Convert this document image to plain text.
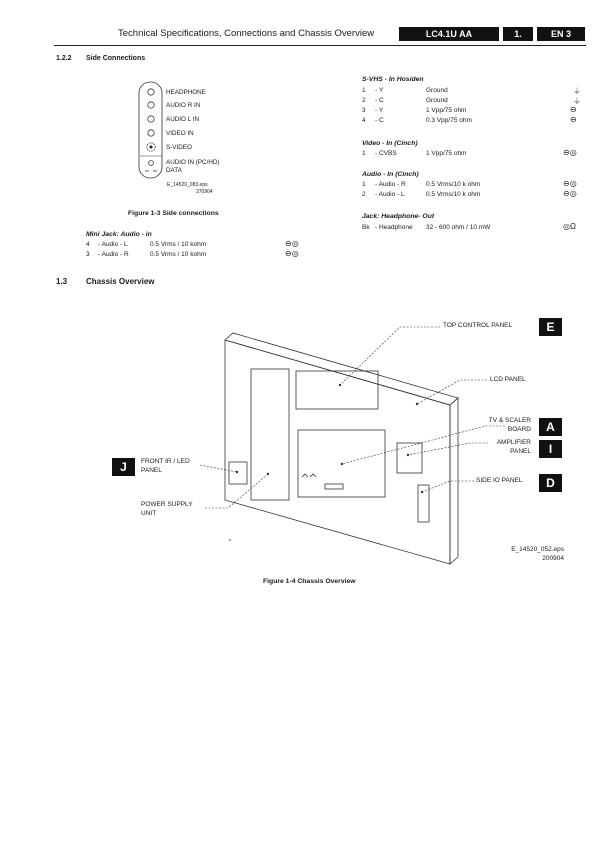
Technical Specifications, Connections and Chassis Overview	LC4.1U AA	1.	EN 3
1.2.2 Side Connections
HEADPHONE
AUDIO R IN
AUDIO L IN
VIDEO IN
S-VIDEO
AUDIO IN (PC/HD)
DATA
E_14520_083.eps
270904
Figure 1-3 Side connections
Mini Jack: Audio - in
4 - Audio - L	0.5 Vrms / 10 kohm	⊖◎
3 - Audio - R	0.5 Vrms / 10 kohm	⊖◎
S-VHS - In Hosiden
1 - Y	Ground	⏚
2 - C	Ground	⏚
3 - Y	1 Vpp/75 ohm	⊖
4 - C	0.3 Vpp/75 ohm	⊖
Video - In (Cinch)
1 - CVBS	1 Vpp/75 ohm	⊖◎
Audio - In (Cinch)
1 - Audio - R	0.5 Vrms/10 k ohm	⊖◎
2 - Audio - L	0.5 Vrms/10 k ohm	⊖◎
Jack: Headphone- Out
Bk - Headphone 32 - 600 ohm / 10 mW	◎Ω
1.3 Chassis Overview
TOP CONTROL PANEL	E
LCD PANEL
TV & SCALER
BOARD	A
AMPLIFIER
PANEL	I
SIDE IO PANEL	D
J	FRONT IR / LED
PANEL
POWER SUPPLY
UNIT
E_14520_052.eps
200904
Figure 1-4 Chassis Overview
